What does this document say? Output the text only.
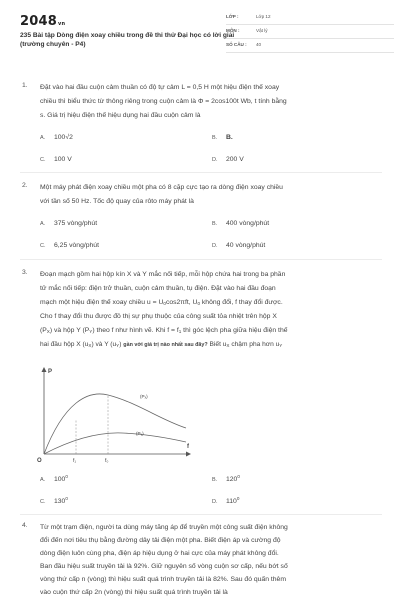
2048vn
235 Bài tập Dòng điện xoay chiều trong đề thi thử Đại học có lời giải (trường chuyên - P4)
LỚP :	Lớp 12
MÔN :	Vật lý
SỐ CÂU : 40
1. Đặt vào hai đầu cuộn cảm thuần có độ tự cảm L = 0,5 H một hiệu điện thế xoay
chiều thì biểu thức từ thông riêng trong cuộn cảm là Φ = 2cos100t Wb, t tính bằng
s. Giá trị hiệu điện thế hiệu dụng hai đầu cuộn cảm là
A. 100√2	B. B.
C. 100 V	D. 200 V
2. Một máy phát điện xoay chiều một pha có 8 cặp cực tạo ra dòng điện xoay chiều
với tần số 50 Hz. Tốc độ quay của rôto máy phát là
A. 375 vòng/phút	B. 400 vòng/phút
C. 6,25 vòng/phút	D. 40 vòng/phút
3. Đoạn mạch gồm hai hộp kín X và Y mắc nối tiếp, mỗi hộp chứa hai trong ba phần
tử mắc nối tiếp: điện trở thuần, cuộn cảm thuần, tụ điện. Đặt vào hai đầu đoạn
mạch một hiệu điện thế xoay chiều $u = U_0\cos 2\pi ft$, $U_0$ không đổi, f thay đổi được.
Cho f thay đổi thu được đồ thị sự phụ thuộc của công suất tỏa nhiệt trên hộp X
$(P_X)$ và hộp Y $(P_Y)$ theo f như hình vẽ. Khi $f = f_1$ thì góc lệch pha giữa hiệu điện thế
hai đầu hộp X $(u_X)$ và Y $(u_Y)$ gần với giá trị nào nhất sau đây? Biết $u_X$ chậm pha hơn $u_Y$
P
f
O	f₁	f₀
(Pₓ)
(Pᵧ)
A. $100^0$
B. $120^0$
C. $130^0$
D. $110^0$
4. Từ một trạm điện, người ta dùng máy tăng áp để truyền một công suất điện không
đổi đến nơi tiêu thụ bằng đường dây tải điện một pha. Biết điện áp và cường độ
dòng điện luôn cùng pha, điện áp hiệu dụng ở hai cực của máy phát không đổi.
Ban đầu hiệu suất truyền tải là 92%. Giữ nguyên số vòng cuộn sơ cấp, nếu bớt số
vòng thứ cấp n (vòng) thì hiệu suất quá trình truyền tải là 82%. Sau đó quấn thêm
vào cuộn thứ cấp 2n (vòng) thì hiệu suất quá trình truyền tải là
